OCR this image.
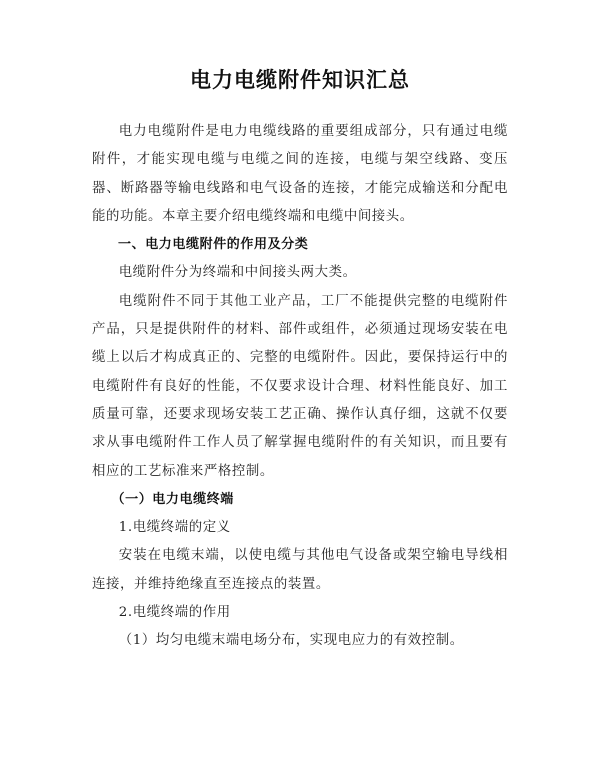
电力电缆附件知识汇总

电力电缆附件是电力电缆线路的重要组成部分，只有通过电缆附件，才能实现电缆与电缆之间的连接，电缆与架空线路、变压器、断路器等输电线路和电气设备的连接，才能完成输送和分配电能的功能。本章主要介绍电缆终端和电缆中间接头。

一、电力电缆附件的作用及分类

电缆附件分为终端和中间接头两大类。

电缆附件不同于其他工业产品，工厂不能提供完整的电缆附件产品，只是提供附件的材料、部件或组件，必须通过现场安装在电缆上以后才构成真正的、完整的电缆附件。因此，要保持运行中的电缆附件有良好的性能，不仅要求设计合理、材料性能良好、加工质量可靠，还要求现场安装工艺正确、操作认真仔细，这就不仅要求从事电缆附件工作人员了解掌握电缆附件的有关知识，而且要有相应的工艺标准来严格控制。

（一）电力电缆终端

1.电缆终端的定义

安装在电缆末端，以使电缆与其他电气设备或架空输电导线相连接，并维持绝缘直至连接点的装置。

2.电缆终端的作用

（1）均匀电缆末端电场分布，实现电应力的有效控制。
